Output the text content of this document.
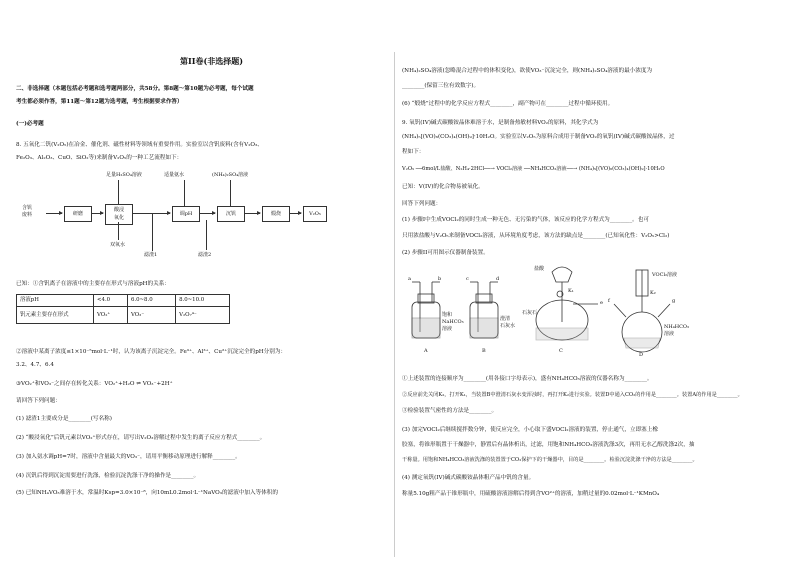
第II卷(非选择题)
二、非选择题（本题包括必考题和选考题两部分，共58分。第8题～第10题为必考题，每个试题
考生都必须作答，第11题～第12题为选考题，考生根据要求作答）
(一)必考题
8. 五氧化二钒(V₂O₅)在冶金、催化剂、磁性材料等领域有重要作用。实验室以含钒废料(含有V₂O₃、
Fe₂O₃、Al₂O₃、CuO、SiO₂等)来制备V₂O₅的一种工艺流程如下：
含钒
废料	研磨
酸浸
氧化
调pH	沉钒	煅烧	V₂O₅
足量H₂SO₄溶液	适量氨水	(NH₄)₂SO₄溶液
双氧水
滤渣1	滤渣2
已知：①含钒离子在溶液中的主要存在形式与溶液pH的关系：
溶液pH	<4.0	6.0~8.0	8.0~10.0
钒元素主要存在形式	VO₂⁺	VO₃⁻	V₂O₇⁴⁻
②溶液中某离子浓度≤1×10⁻⁵mol·L⁻¹时，认为该离子沉淀完全。Fe³⁺、Al³⁺、Cu²⁺沉淀完全的pH分别为：
3.2、4.7、6.4
③VO₂⁺和VO₃⁻之间存在转化关系：VO₂⁺+H₂O ⇌ VO₃⁻+2H⁺
请回答下列问题：
(1) 滤渣1主要成分是________(写名称)
(2) “酸浸氧化”后钒元素以VO₂⁺形式存在，请写出V₂O₃溶解过程中发生的离子反应方程式________。
(3) 加入氨水调pH=7时，溶液中含量最大的VO₃⁻，请用平衡移动原理进行解释________。
(4) 沉钒后得到沉淀需要进行洗涤，检验沉淀洗涤干净的操作是________。
(5) 已知NH₄VO₃难溶于水，常温时Ksp=3.0×10⁻⁸，向10mL0.2mol·L⁻¹NaVO₃的滤液中加入等体积的
(NH₄)₂SO₄溶液(忽略混合过程中的体积变化)，欲使VO₃⁻沉淀完全，则(NH₄)₂SO₄溶液的最小浓度为
________(保留三位有效数字)。
(6) “煅烧”过程中的化学反应方程式________，副产物可在________过程中循环使用。
9. 氧钒(IV)碱式碳酸铵晶体难溶于水，是制备热敏材料VO₂的原料，其化学式为
(NH₄)₅[(VO)₆(CO₃)₄(OH)₉]·10H₂O。实验室以V₂O₅为原料合成用于制备VO₂的氧钒(IV)碱式碳酸铵晶体，过
程如下：
V₂O₅ ──6mol/L盐酸、N₂H₄·2HCl──→ VOCl₂溶液 ──NH₄HCO₃溶液──→ (NH₄)₅[(VO)₆(CO₃)₄(OH)₉]·10H₂O
已知：V(IV)的化合物易被氧化。
回答下列问题：
(1) 步骤I中生成VOCl₂的同时生成一种无色、无污染的气体，该反应的化学方程式为________。也可
只用浓盐酸与V₂O₅来制备VOCl₂溶液，从环境角度考虑，该方法的缺点是________(已知氧化性：V₂O₅>Cl₂)
(2) 步骤II可用图示仪器制备装置。
a	b	c	d
e f	g
盐酸
石灰石
K₁	K₂
VOCl₂溶液
饱和
NaHCO₃
溶液
澄清
石灰水	NH₄HCO₃
溶液
A	B	C
D
①上述装置的连接顺序为________(用各接口字母表示)，盛有NH₄HCO₃溶液的仪器名称为________。
②反应前先关闭K₂，打开K₁，当装置B中澄清石灰水变浑浊时，再打开K₂进行实验。装置D中通入CO₂的作用是________。装置A的作用是________。
③检验装置气密性的方法是________。
(3) 加完VOCl₂后继续搅拌数分钟，使反应完全，小心取下盛VOCl₂溶液的装置，停止通气，立即塞上橡
胶塞，将锥形瓶置于干燥器中，静置后有晶体析出，过滤，用饱和NH₄HCO₃溶液洗涤3次，再用无水乙醇洗涤2次，抽
干称量。用饱和NH₄HCO₃溶液洗涤的装置置于CO₂保护下的干燥器中，目的是________。检验沉淀洗涤干净的方法是________。
(4) 测定氧钒(IV)碱式碳酸铵晶体粗产品中钒的含量。
称量5.10g粗产品于锥形瓶中，用硫酸溶液溶解后得到含VO²⁺的溶液，加稍过量的0.02mol·L⁻¹KMnO₄
